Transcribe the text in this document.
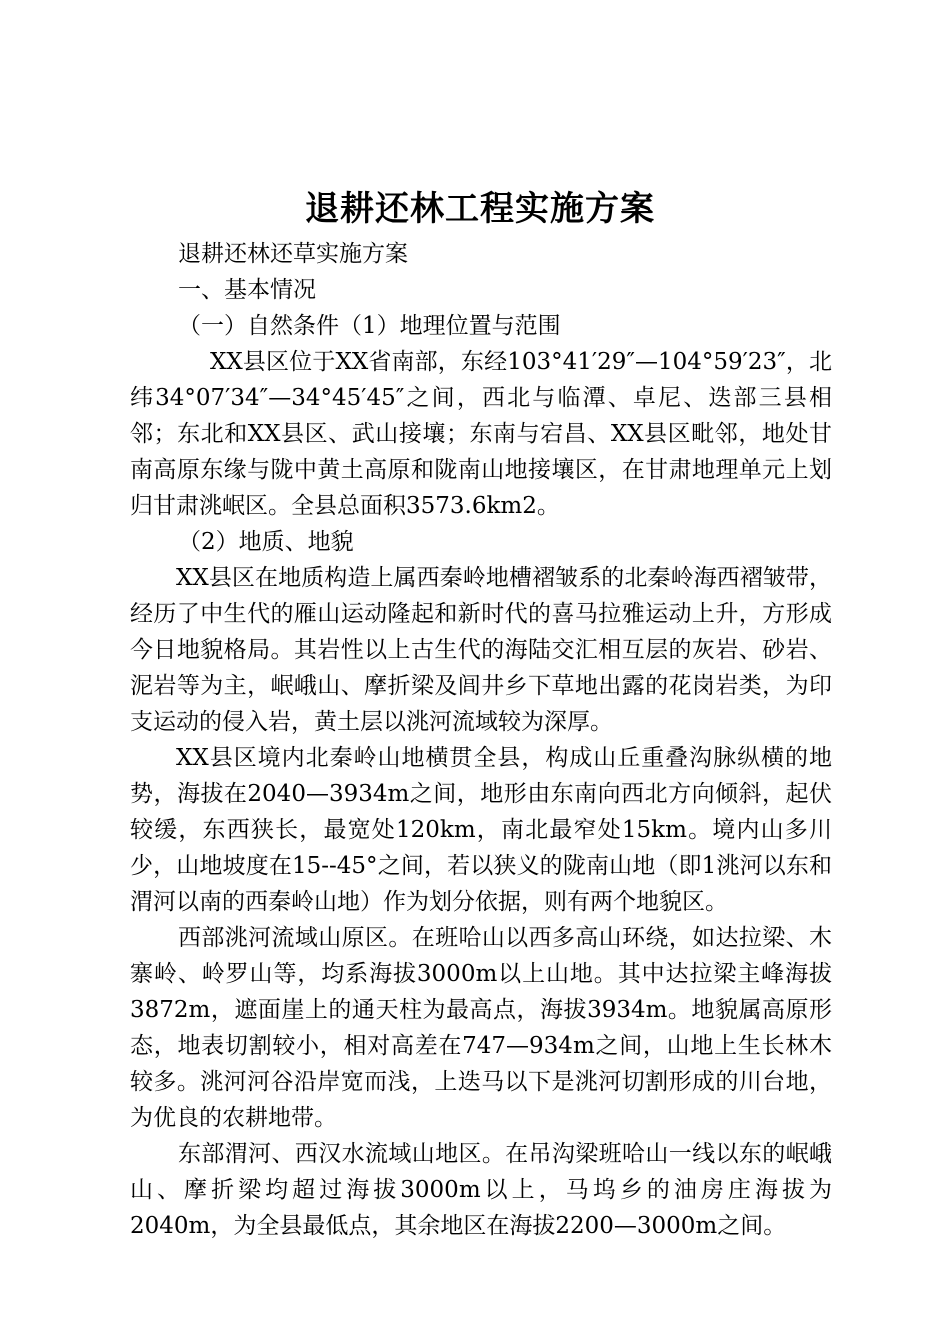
退耕还林工程实施方案

退耕还林还草实施方案

一、基本情况

（一）自然条件（1）地理位置与范围

XX县区位于XX省南部，东经103°41′29″—104°59′23″，北纬34°07′34″—34°45′45″之间，西北与临潭、卓尼、迭部三县相邻；东北和XX县区、武山接壤；东南与宕昌、XX县区毗邻，地处甘南高原东缘与陇中黄土高原和陇南山地接壤区，在甘肃地理单元上划归甘肃洮岷区。全县总面积3573.6km2。

（2）地质、地貌

XX县区在地质构造上属西秦岭地槽褶皱系的北秦岭海西褶皱带，经历了中生代的雁山运动隆起和新时代的喜马拉雅运动上升，方形成今日地貌格局。其岩性以上古生代的海陆交汇相互层的灰岩、砂岩、泥岩等为主，岷峨山、摩折梁及闾井乡下草地出露的花岗岩类，为印支运动的侵入岩，黄土层以洮河流域较为深厚。

XX县区境内北秦岭山地横贯全县，构成山丘重叠沟脉纵横的地势，海拔在2040—3934m之间，地形由东南向西北方向倾斜，起伏较缓，东西狭长，最宽处120km，南北最窄处15km。境内山多川少，山地坡度在15--45°之间，若以狭义的陇南山地（即1洮河以东和渭河以南的西秦岭山地）作为划分依据，则有两个地貌区。

西部洮河流域山原区。在班哈山以西多高山环绕，如达拉梁、木寨岭、岭罗山等，均系海拔3000m以上山地。其中达拉梁主峰海拔3872m，遮面崖上的通天柱为最高点，海拔3934m。地貌属高原形态，地表切割较小，相对高差在747—934m之间，山地上生长林木较多。洮河河谷沿岸宽而浅，上迭马以下是洮河切割形成的川台地，为优良的农耕地带。

东部渭河、西汉水流域山地区。在吊沟梁班哈山一线以东的岷峨山、摩折梁均超过海拔3000m以上，马坞乡的油房庄海拔为2040m，为全县最低点，其余地区在海拔2200—3000m之间。
